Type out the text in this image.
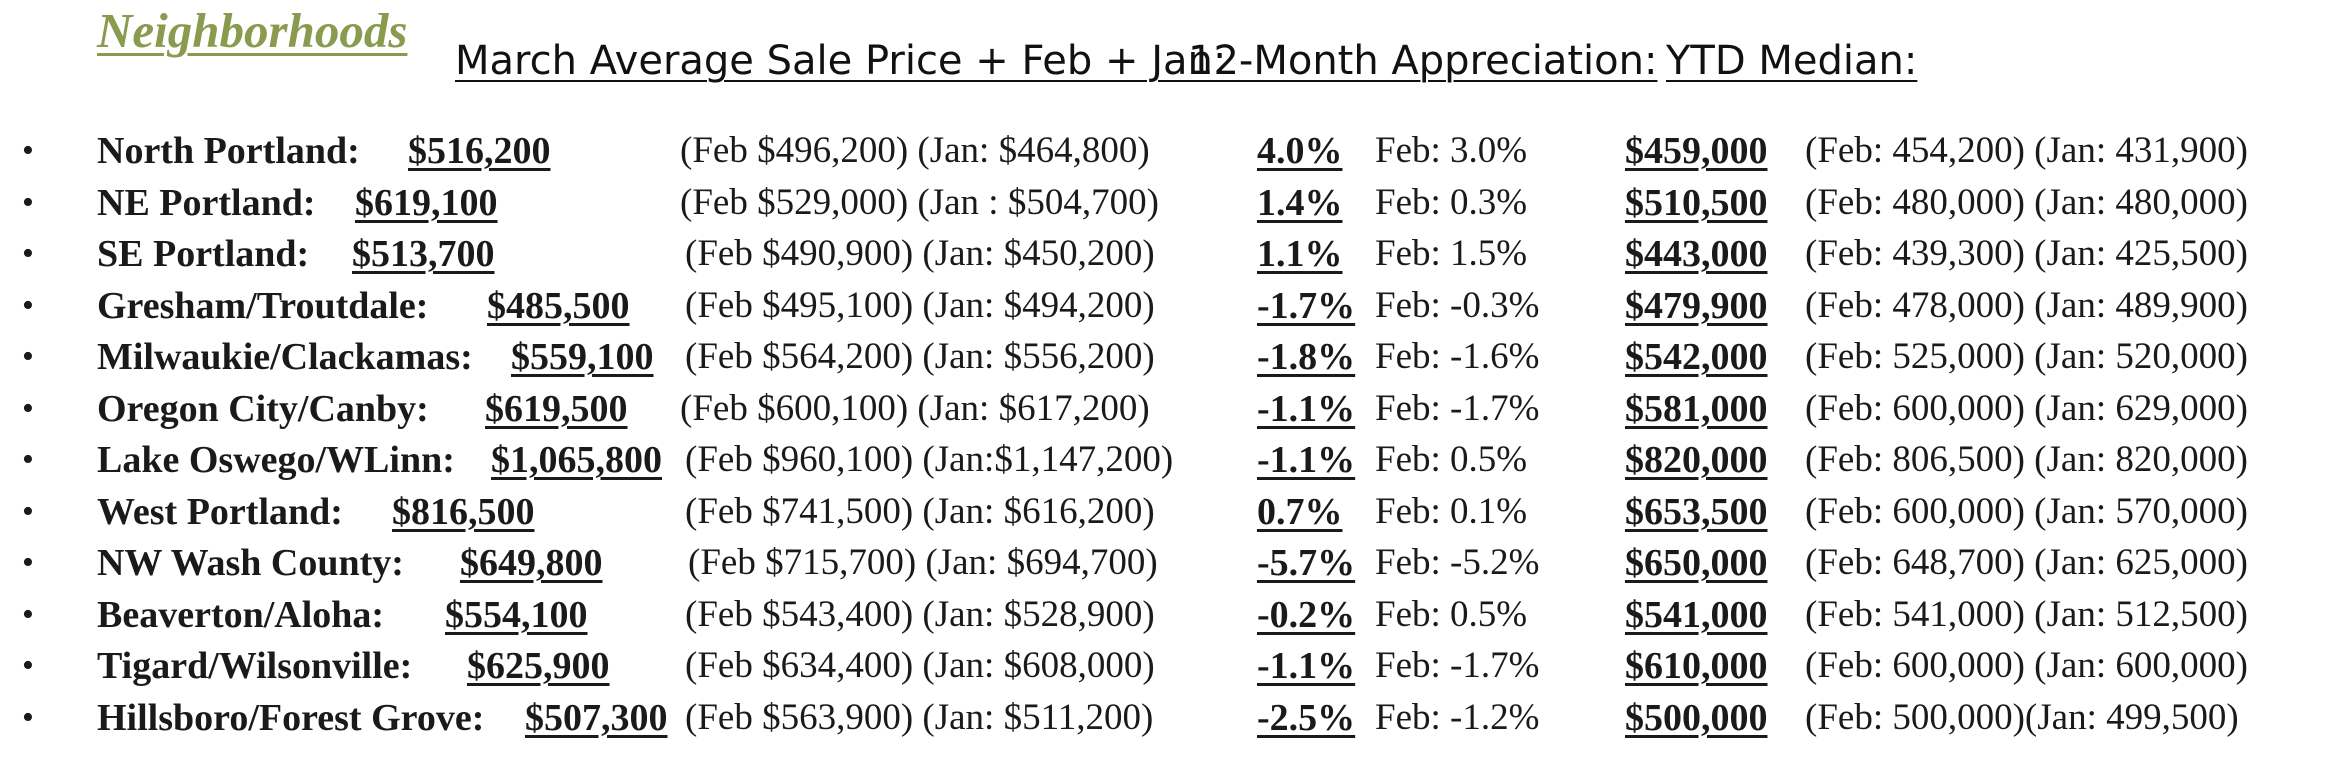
Neighborhoods
March Average Sale Price + Feb + Jan:
12-Month Appreciation: YTD Median:
• North Portland: $516,200	(Feb $496,200) (Jan: $464,800)	4.0% Feb: 3.0%	$459,000 (Feb: 454,200) (Jan: 431,900)
• NE Portland: $619,100	(Feb $529,000) (Jan : $504,700)	1.4% Feb: 0.3%	$510,500 (Feb: 480,000) (Jan: 480,000)
• SE Portland: $513,700	(Feb $490,900) (Jan: $450,200)	1.1% Feb: 1.5%	$443,000 (Feb: 439,300) (Jan: 425,500)
• Gresham/Troutdale: $485,500 (Feb $495,100) (Jan: $494,200)	-1.7% Feb: -0.3% $479,900 (Feb: 478,000) (Jan: 489,900)
• Milwaukie/Clackamas: $559,100 (Feb $564,200) (Jan: $556,200)	-1.8% Feb: -1.6% $542,000 (Feb: 525,000) (Jan: 520,000)
• Oregon City/Canby: $619,500 (Feb $600,100) (Jan: $617,200)	-1.1% Feb: -1.7% $581,000 (Feb: 600,000) (Jan: 629,000)
• Lake Oswego/WLinn: $1,065,800 (Feb $960,100) (Jan:$1,147,200) -1.1% Feb: 0.5%	$820,000 (Feb: 806,500) (Jan: 820,000)
• West Portland: $816,500	(Feb $741,500) (Jan: $616,200)	0.7% Feb: 0.1%	$653,500 (Feb: 600,000) (Jan: 570,000)
• NW Wash County: $649,800 (Feb $715,700) (Jan: $694,700)	-5.7% Feb: -5.2% $650,000 (Feb: 648,700) (Jan: 625,000)
• Beaverton/Aloha: $554,100	(Feb $543,400) (Jan: $528,900)	-0.2% Feb: 0.5%	$541,000 (Feb: 541,000) (Jan: 512,500)
• Tigard/Wilsonville: $625,900 (Feb $634,400) (Jan: $608,000)	-1.1% Feb: -1.7% $610,000 (Feb: 600,000) (Jan: 600,000)
• Hillsboro/Forest Grove: $507,300 (Feb $563,900) (Jan: $511,200)	-2.5% Feb: -1.2% $500,000 (Feb: 500,000)(Jan: 499,500)
